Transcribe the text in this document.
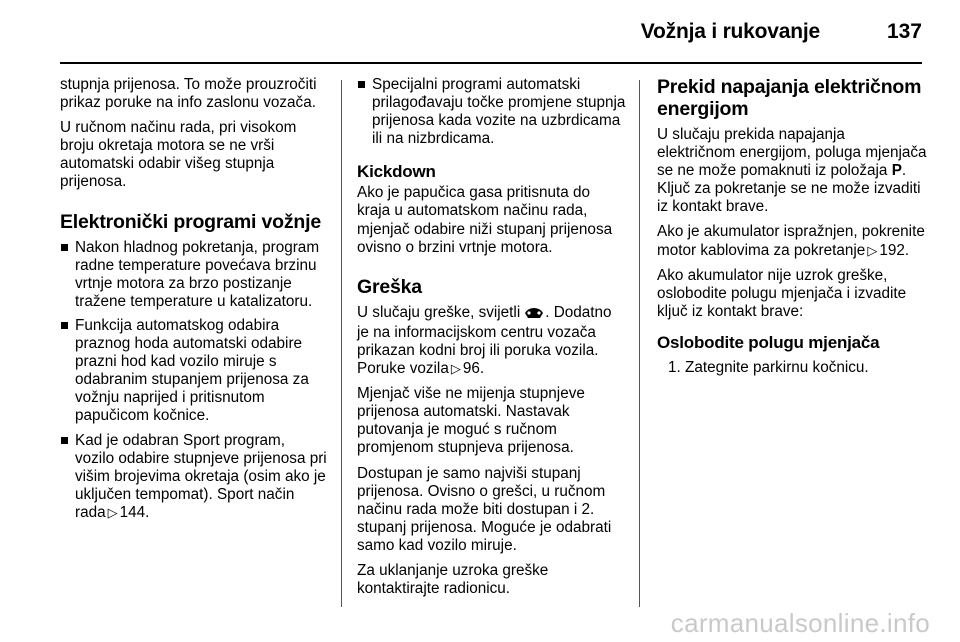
Vožnja i rukovanje	137

stupnja prijenosa. To može prouzročiti prikaz poruke na info zaslonu vozača.

U ručnom načinu rada, pri visokom broju okretaja motora se ne vrši automatski odabir višeg stupnja prijenosa.

Elektronički programi vožnje
Nakon hladnog pokretanja, program radne temperature povećava brzinu vrtnje motora za brzo postizanje tražene temperature u katalizatoru.
Funkcija automatskog odabira praznog hoda automatski odabire prazni hod kad vozilo miruje s odabranim stupanjem prijenosa za vožnju naprijed i pritisnutom papučicom kočnice.
Kad je odabran Sport program, vozilo odabire stupnjeve prijenosa pri višim brojevima okretaja (osim ako je uključen tempomat). Sport način rada ▷ 144.
Specijalni programi automatski prilagođavaju točke promjene stupnja prijenosa kada vozite na uzbrdicama ili na nizbrdicama.
Kickdown

Ako je papučica gasa pritisnuta do kraja u automatskom načinu rada, mjenjač odabire niži stupanj prijenosa ovisno o brzini vrtnje motora.

Greška

U slučaju greške, svijetli . Dodatno je na informacijskom centru vozača prikazan kodni broj ili poruka vozila. Poruke vozila ▷ 96.

Mjenjač više ne mijenja stupnjeve prijenosa automatski. Nastavak putovanja je moguć s ručnom promjenom stupnjeva prijenosa.

Dostupan je samo najviši stupanj prijenosa. Ovisno o grešci, u ručnom načinu rada može biti dostupan i 2. stupanj prijenosa. Moguće je odabrati samo kad vozilo miruje.

Za uklanjanje uzroka greške kontaktirajte radionicu.

Prekid napajanja električnom energijom

U slučaju prekida napajanja električnom energijom, poluga mjenjača se ne može pomaknuti iz položaja P. Ključ za pokretanje se ne može izvaditi iz kontakt brave.

Ako je akumulator ispražnjen, pokrenite motor kablovima za pokretanje ▷ 192.

Ako akumulator nije uzrok greške, oslobodite polugu mjenjača i izvadite ključ iz kontakt brave:

Oslobodite polugu mjenjača
1. Zategnite parkirnu kočnicu.
carmanualsonline.info
